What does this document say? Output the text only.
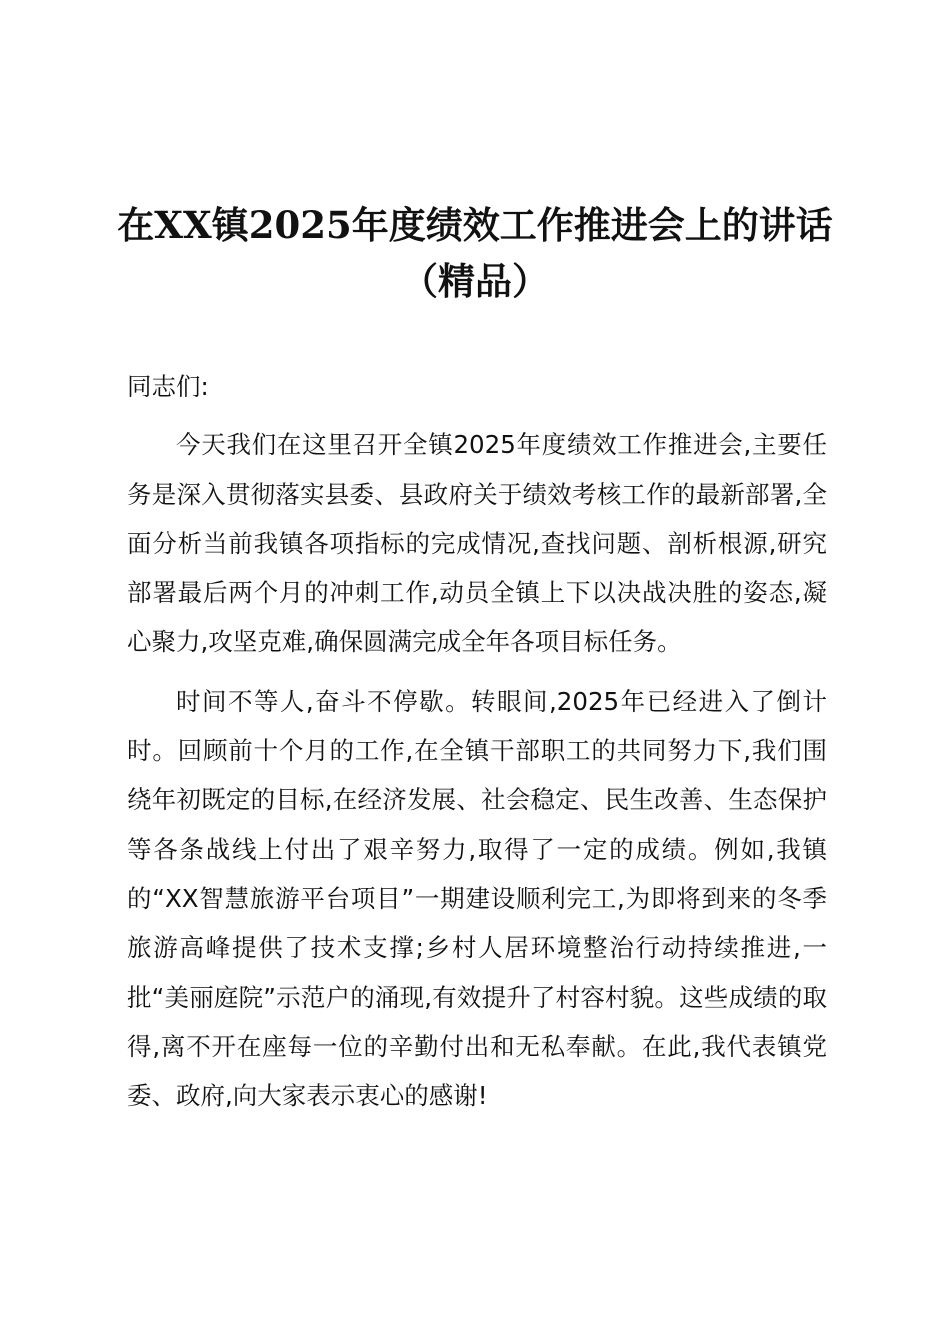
在XX镇2025年度绩效工作推进会上的讲话（精品）

同志们:

今天我们在这里召开全镇2025年度绩效工作推进会,主要任务是深入贯彻落实县委、县政府关于绩效考核工作的最新部署,全面分析当前我镇各项指标的完成情况,查找问题、剖析根源,研究部署最后两个月的冲刺工作,动员全镇上下以决战决胜的姿态,凝心聚力,攻坚克难,确保圆满完成全年各项目标任务。

时间不等人,奋斗不停歇。转眼间,2025年已经进入了倒计时。回顾前十个月的工作,在全镇干部职工的共同努力下,我们围绕年初既定的目标,在经济发展、社会稳定、民生改善、生态保护等各条战线上付出了艰辛努力,取得了一定的成绩。例如,我镇的“XX智慧旅游平台项目”一期建设顺利完工,为即将到来的冬季旅游高峰提供了技术支撑;乡村人居环境整治行动持续推进,一批“美丽庭院”示范户的涌现,有效提升了村容村貌。这些成绩的取得,离不开在座每一位的辛勤付出和无私奉献。在此,我代表镇党委、政府,向大家表示衷心的感谢!
